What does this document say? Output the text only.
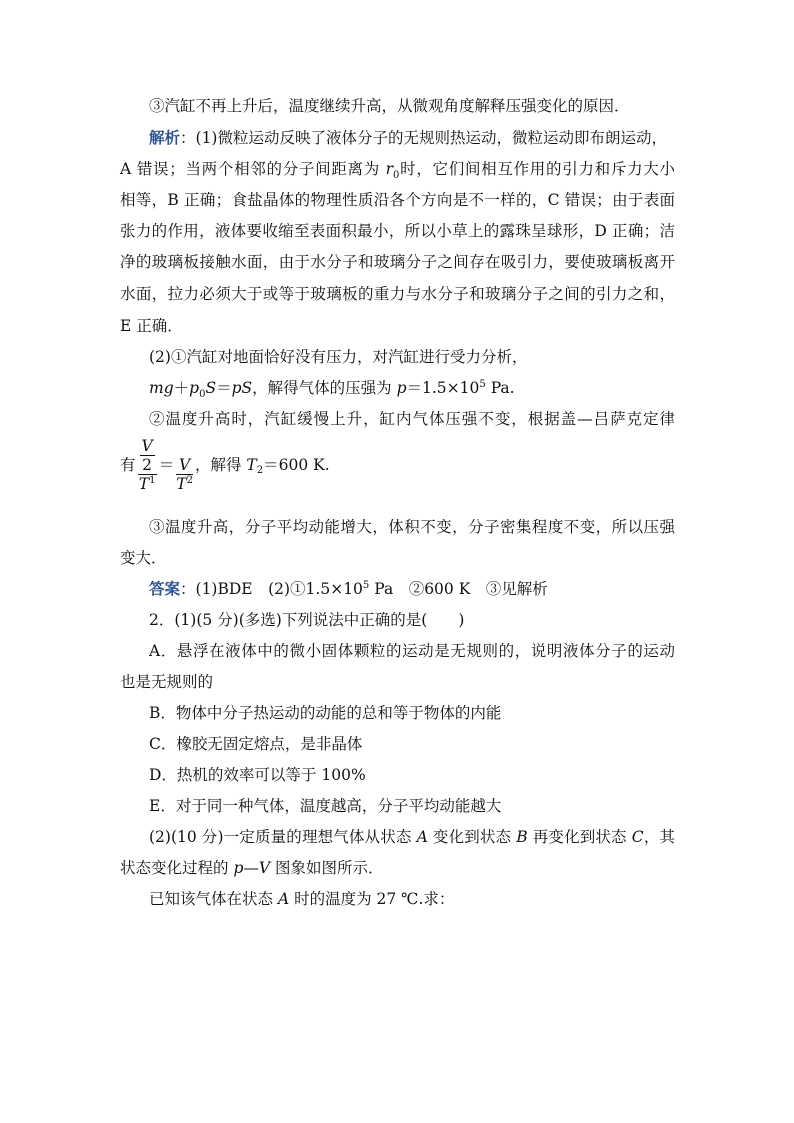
③汽缸不再上升后，温度继续升高，从微观角度解释压强变化的原因．
解析：(1)微粒运动反映了液体分子的无规则热运动，微粒运动即布朗运动，
A 错误；当两个相邻的分子间距离为 $r_0$时，它们间相互作用的引力和斥力大小
相等，B 正确；食盐晶体的物理性质沿各个方向是不一样的，C 错误；由于表面
张力的作用，液体要收缩至表面积最小，所以小草上的露珠呈球形，D 正确；洁
净的玻璃板接触水面，由于水分子和玻璃分子之间存在吸引力，要使玻璃板离开
水面，拉力必须大于或等于玻璃板的重力与水分子和玻璃分子之间的引力之和，
E 正确．
(2)①汽缸对地面恰好没有压力，对汽缸进行受力分析，
$mg+p_0S=pS$，解得气体的压强为 $p=1.5\times 10^5$ Pa.
②温度升高时，汽缸缓慢上升，缸内气体压强不变，根据盖—吕萨克定律
有 $\frac{\frac{V}{2}}{T^1} = \frac{V}{T^2}$ ，解得 $T_2=600$ K.
③温度升高，分子平均动能增大，体积不变，分子密集程度不变，所以压强
变大．
答案：(1)BDE　$(2)①1.5\times 10^5$ Pa　②600 K　③见解析
2．(1)(5 分)(多选)下列说法中正确的是(　　)
A．悬浮在液体中的微小固体颗粒的运动是无规则的，说明液体分子的运动
也是无规则的
B．物体中分子热运动的动能的总和等于物体的内能
C．橡胶无固定熔点，是非晶体
D．热机的效率可以等于 100%
E．对于同一种气体，温度越高，分子平均动能越大
(2)(10 分)一定质量的理想气体从状态 A 变化到状态 B 再变化到状态 C，其
状态变化过程的 p—V 图象如图所示．
已知该气体在状态 A 时的温度为 27 ℃.求：
